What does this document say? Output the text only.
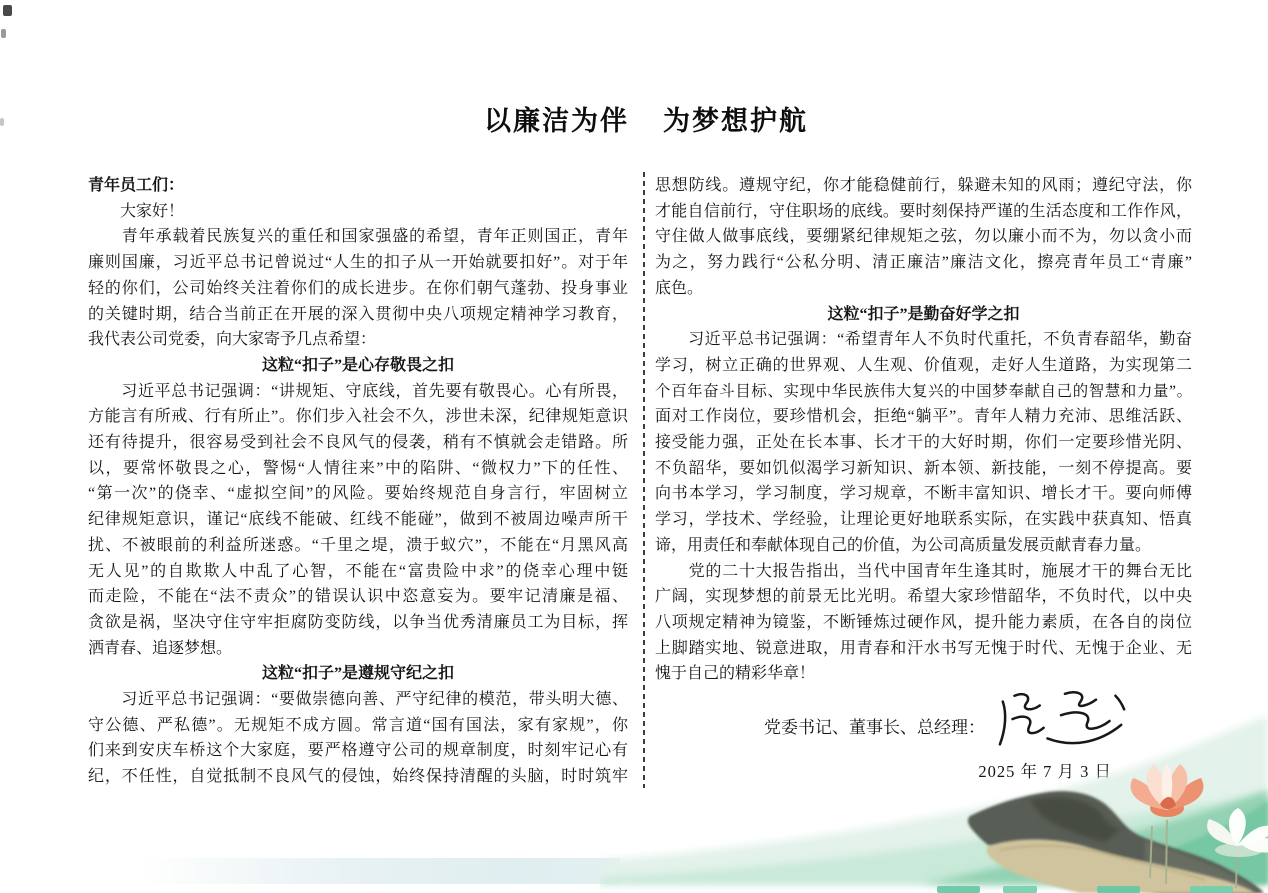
以廉洁为伴 为梦想护航
青年员工们：
　　大家好！
　　青年承载着民族复兴的重任和国家强盛的希望，青年正则国正，青年
廉则国廉，习近平总书记曾说过“人生的扣子从一开始就要扣好”。对于年
轻的你们，公司始终关注着你们的成长进步。在你们朝气蓬勃、投身事业
的关键时期，结合当前正在开展的深入贯彻中央八项规定精神学习教育，
我代表公司党委，向大家寄予几点希望：
这粒“扣子”是心存敬畏之扣
　　习近平总书记强调：“讲规矩、守底线，首先要有敬畏心。心有所畏，
方能言有所戒、行有所止”。你们步入社会不久，涉世未深，纪律规矩意识
还有待提升，很容易受到社会不良风气的侵袭，稍有不慎就会走错路。所
以，要常怀敬畏之心，警惕“人情往来”中的陷阱、“微权力”下的任性、
“第一次”的侥幸、“虚拟空间”的风险。要始终规范自身言行，牢固树立
纪律规矩意识，谨记“底线不能破、红线不能碰”，做到不被周边噪声所干
扰、不被眼前的利益所迷惑。“千里之堤，溃于蚁穴”，不能在“月黑风高
无人见”的自欺欺人中乱了心智，不能在“富贵险中求”的侥幸心理中铤
而走险，不能在“法不责众”的错误认识中恣意妄为。要牢记清廉是福、
贪欲是祸，坚决守住守牢拒腐防变防线，以争当优秀清廉员工为目标，挥
洒青春、追逐梦想。
这粒“扣子”是遵规守纪之扣
　　习近平总书记强调：“要做崇德向善、严守纪律的模范，带头明大德、
守公德、严私德”。无规矩不成方圆。常言道“国有国法，家有家规”，你
们来到安庆车桥这个大家庭，要严格遵守公司的规章制度，时刻牢记心有
纪，不任性，自觉抵制不良风气的侵蚀，始终保持清醒的头脑，时时筑牢
思想防线。遵规守纪，你才能稳健前行，躲避未知的风雨；遵纪守法，你
才能自信前行，守住职场的底线。要时刻保持严谨的生活态度和工作作风，
守住做人做事底线，要绷紧纪律规矩之弦，勿以廉小而不为，勿以贪小而
为之，努力践行“公私分明、清正廉洁”廉洁文化，擦亮青年员工“青廉”
底色。
这粒“扣子”是勤奋好学之扣
　　习近平总书记强调：“希望青年人不负时代重托，不负青春韶华，勤奋
学习，树立正确的世界观、人生观、价值观，走好人生道路，为实现第二
个百年奋斗目标、实现中华民族伟大复兴的中国梦奉献自己的智慧和力量”。
面对工作岗位，要珍惜机会，拒绝“躺平”。青年人精力充沛、思维活跃、
接受能力强，正处在长本事、长才干的大好时期，你们一定要珍惜光阴、
不负韶华，要如饥似渴学习新知识、新本领、新技能，一刻不停提高。要
向书本学习，学习制度，学习规章，不断丰富知识、增长才干。要向师傅
学习，学技术、学经验，让理论更好地联系实际，在实践中获真知、悟真
谛，用责任和奉献体现自己的价值，为公司高质量发展贡献青春力量。
　　党的二十大报告指出，当代中国青年生逢其时，施展才干的舞台无比
广阔，实现梦想的前景无比光明。希望大家珍惜韶华，不负时代，以中央
八项规定精神为镜鉴，不断锤炼过硬作风，提升能力素质，在各自的岗位
上脚踏实地、锐意进取，用青春和汗水书写无愧于时代、无愧于企业、无
愧于自己的精彩华章！
党委书记、董事长、总经理：
2025 年 7 月 3 日
